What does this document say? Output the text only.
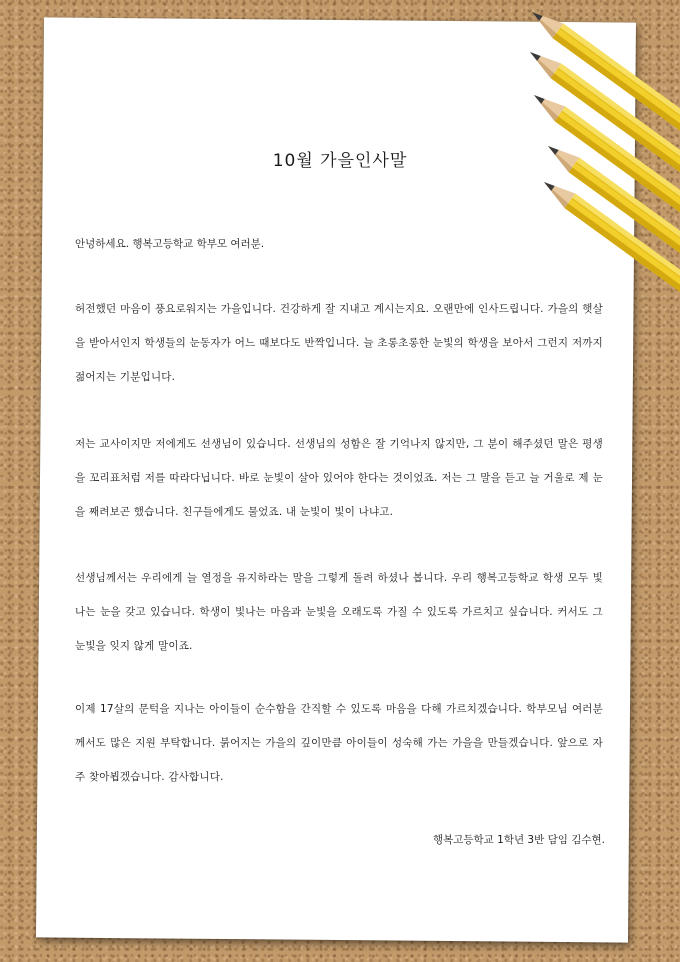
10월 가을인사말

안녕하세요. 행복고등학교 학부모 여러분.

허전했던 마음이 풍요로워지는 가을입니다. 건강하게 잘 지내고 계시는지요. 오랜만에 인사드립니다. 가을의 햇살을 받아서인지 학생들의 눈동자가 어느 때보다도 반짝입니다. 늘 초롱초롱한 눈빛의 학생을 보아서 그런지 저까지 젊어지는 기분입니다.

저는 교사이지만 저에게도 선생님이 있습니다. 선생님의 성함은 잘 기억나지 않지만, 그 분이 해주셨던 말은 평생을 꼬리표처럼 저를 따라다닙니다. 바로 눈빛이 살아 있어야 한다는 것이었죠. 저는 그 말을 듣고 늘 거울로 제 눈을 째려보곤 했습니다. 친구들에게도 물었죠. 내 눈빛이 빛이 나냐고.

선생님께서는 우리에게 늘 열정을 유지하라는 말을 그렇게 돌려 하셨나 봅니다. 우리 행복고등학교 학생 모두 빛나는 눈을 갖고 있습니다. 학생이 빛나는 마음과 눈빛을 오래도록 가질 수 있도록 가르치고 싶습니다. 커서도 그 눈빛을 잊지 않게 말이죠.

이제 17살의 문턱을 지나는 아이들이 순수함을 간직할 수 있도록 마음을 다해 가르치겠습니다. 학부모님 여러분께서도 많은 지원 부탁합니다. 붉어지는 가을의 깊이만큼 아이들이 성숙해 가는 가을을 만들겠습니다. 앞으로 자주 찾아뵙겠습니다. 감사합니다.

행복고등학교 1학년 3반 담임 김수현.
